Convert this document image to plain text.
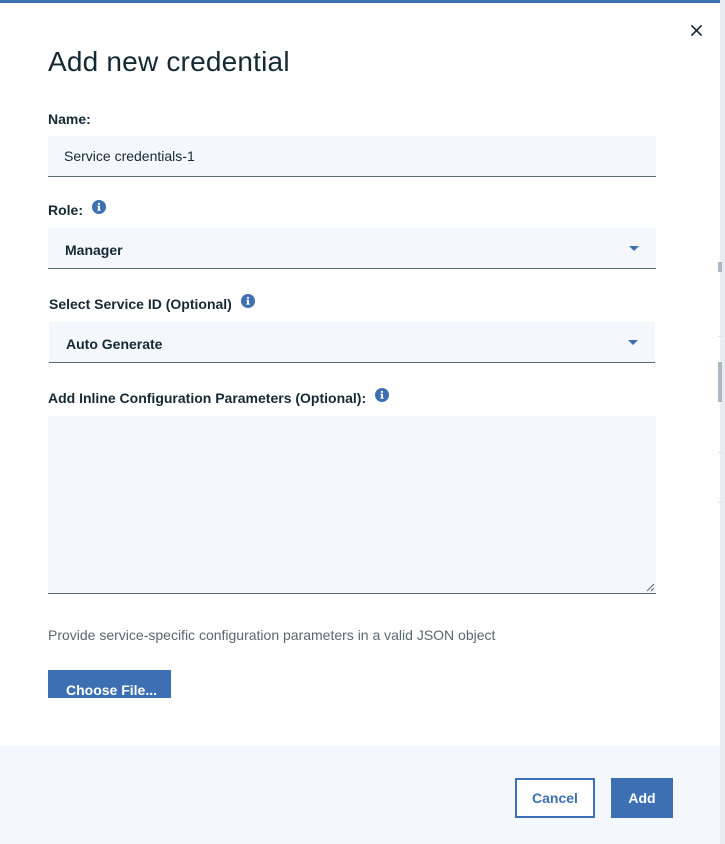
Add new credential
Name:
Service credentials-1
Role:
Manager
Select Service ID (Optional)
Auto Generate
Add Inline Configuration Parameters (Optional):
Provide service-specific configuration parameters in a valid JSON object
Choose File...
Cancel	Add
